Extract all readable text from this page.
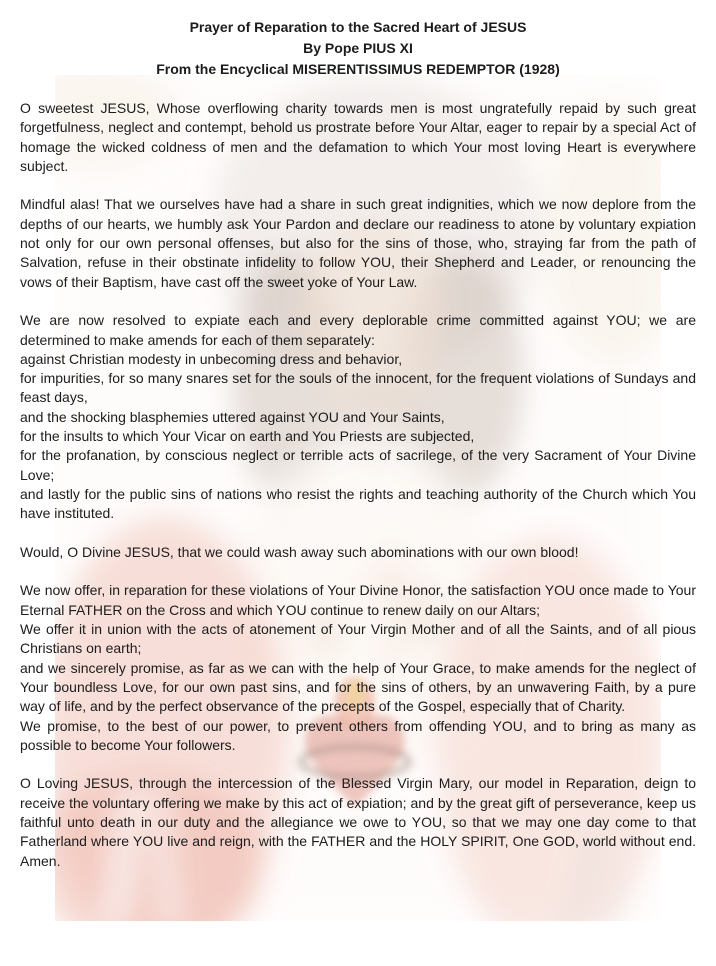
Prayer of Reparation to the Sacred Heart of JESUS

By Pope PIUS XI

From the Encyclical MISERENTISSIMUS REDEMPTOR (1928)

O sweetest JESUS, Whose overflowing charity towards men is most ungratefully repaid by such great forgetfulness, neglect and contempt, behold us prostrate before Your Altar, eager to repair by a special Act of homage the wicked coldness of men and the defamation to which Your most loving Heart is everywhere subject.

Mindful alas! That we ourselves have had a share in such great indignities, which we now deplore from the depths of our hearts, we humbly ask Your Pardon and declare our readiness to atone by voluntary expiation not only for our own personal offenses, but also for the sins of those, who, straying far from the path of Salvation, refuse in their obstinate infidelity to follow YOU, their Shepherd and Leader, or renouncing the vows of their Baptism, have cast off the sweet yoke of Your Law.

We are now resolved to expiate each and every deplorable crime committed against YOU; we are determined to make amends for each of them separately:

against Christian modesty in unbecoming dress and behavior,

for impurities, for so many snares set for the souls of the innocent, for the frequent violations of Sundays and feast days,

and the shocking blasphemies uttered against YOU and Your Saints,

for the insults to which Your Vicar on earth and You Priests are subjected,

for the profanation, by conscious neglect or terrible acts of sacrilege, of the very Sacrament of Your Divine Love;

and lastly for the public sins of nations who resist the rights and teaching authority of the Church which You have instituted.

Would, O Divine JESUS, that we could wash away such abominations with our own blood!

We now offer, in reparation for these violations of Your Divine Honor, the satisfaction YOU once made to Your Eternal FATHER on the Cross and which YOU continue to renew daily on our Altars;

We offer it in union with the acts of atonement of Your Virgin Mother and of all the Saints, and of all pious Christians on earth;

and we sincerely promise, as far as we can with the help of Your Grace, to make amends for the neglect of Your boundless Love, for our own past sins, and for the sins of others, by an unwavering Faith, by a pure way of life, and by the perfect observance of the precepts of the Gospel, especially that of Charity.

We promise, to the best of our power, to prevent others from offending YOU, and to bring as many as possible to become Your followers.

O Loving JESUS, through the intercession of the Blessed Virgin Mary, our model in Reparation, deign to receive the voluntary offering we make by this act of expiation; and by the great gift of perseverance, keep us faithful unto death in our duty and the allegiance we owe to YOU, so that we may one day come to that Fatherland where YOU live and reign, with the FATHER and the HOLY SPIRIT, One GOD, world without end. Amen.
